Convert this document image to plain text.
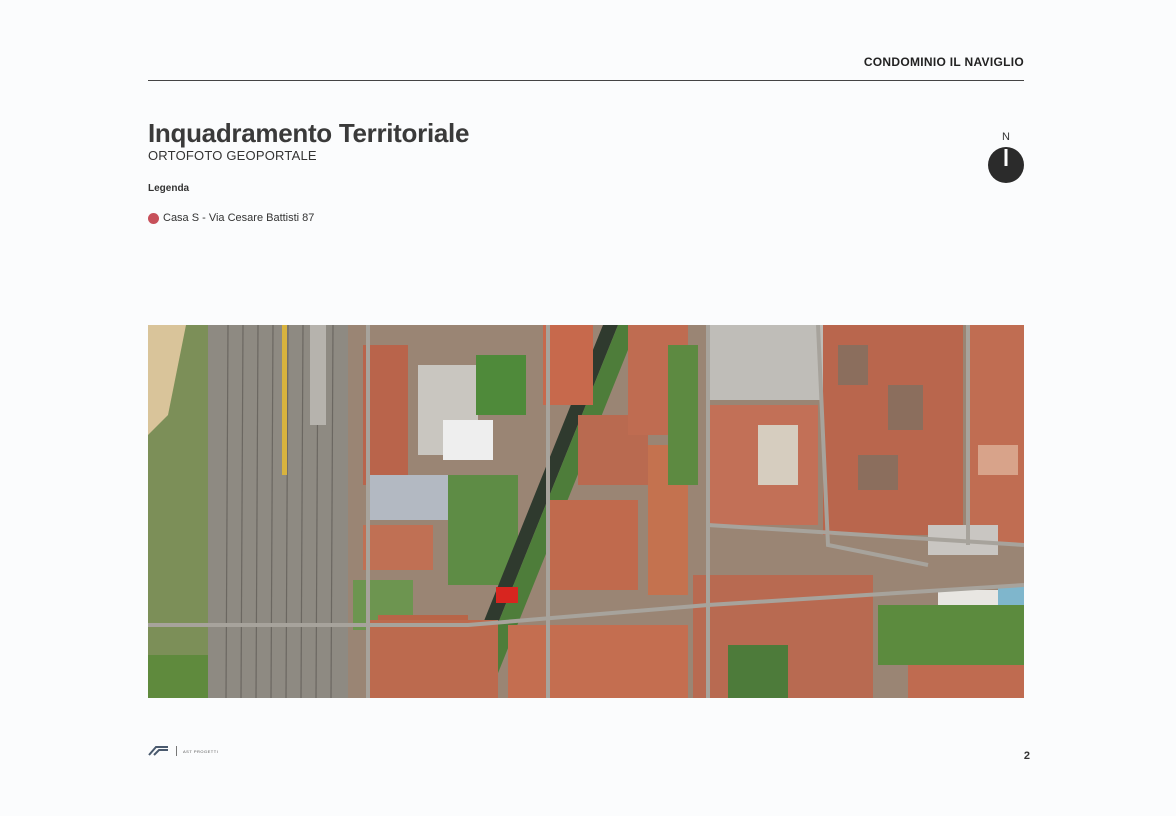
CONDOMINIO IL NAVIGLIO
Inquadramento Territoriale
ORTOFOTO GEOPORTALE
Legenda
Casa S - Via Cesare Battisti 87
N
AST PROGETTI	2
